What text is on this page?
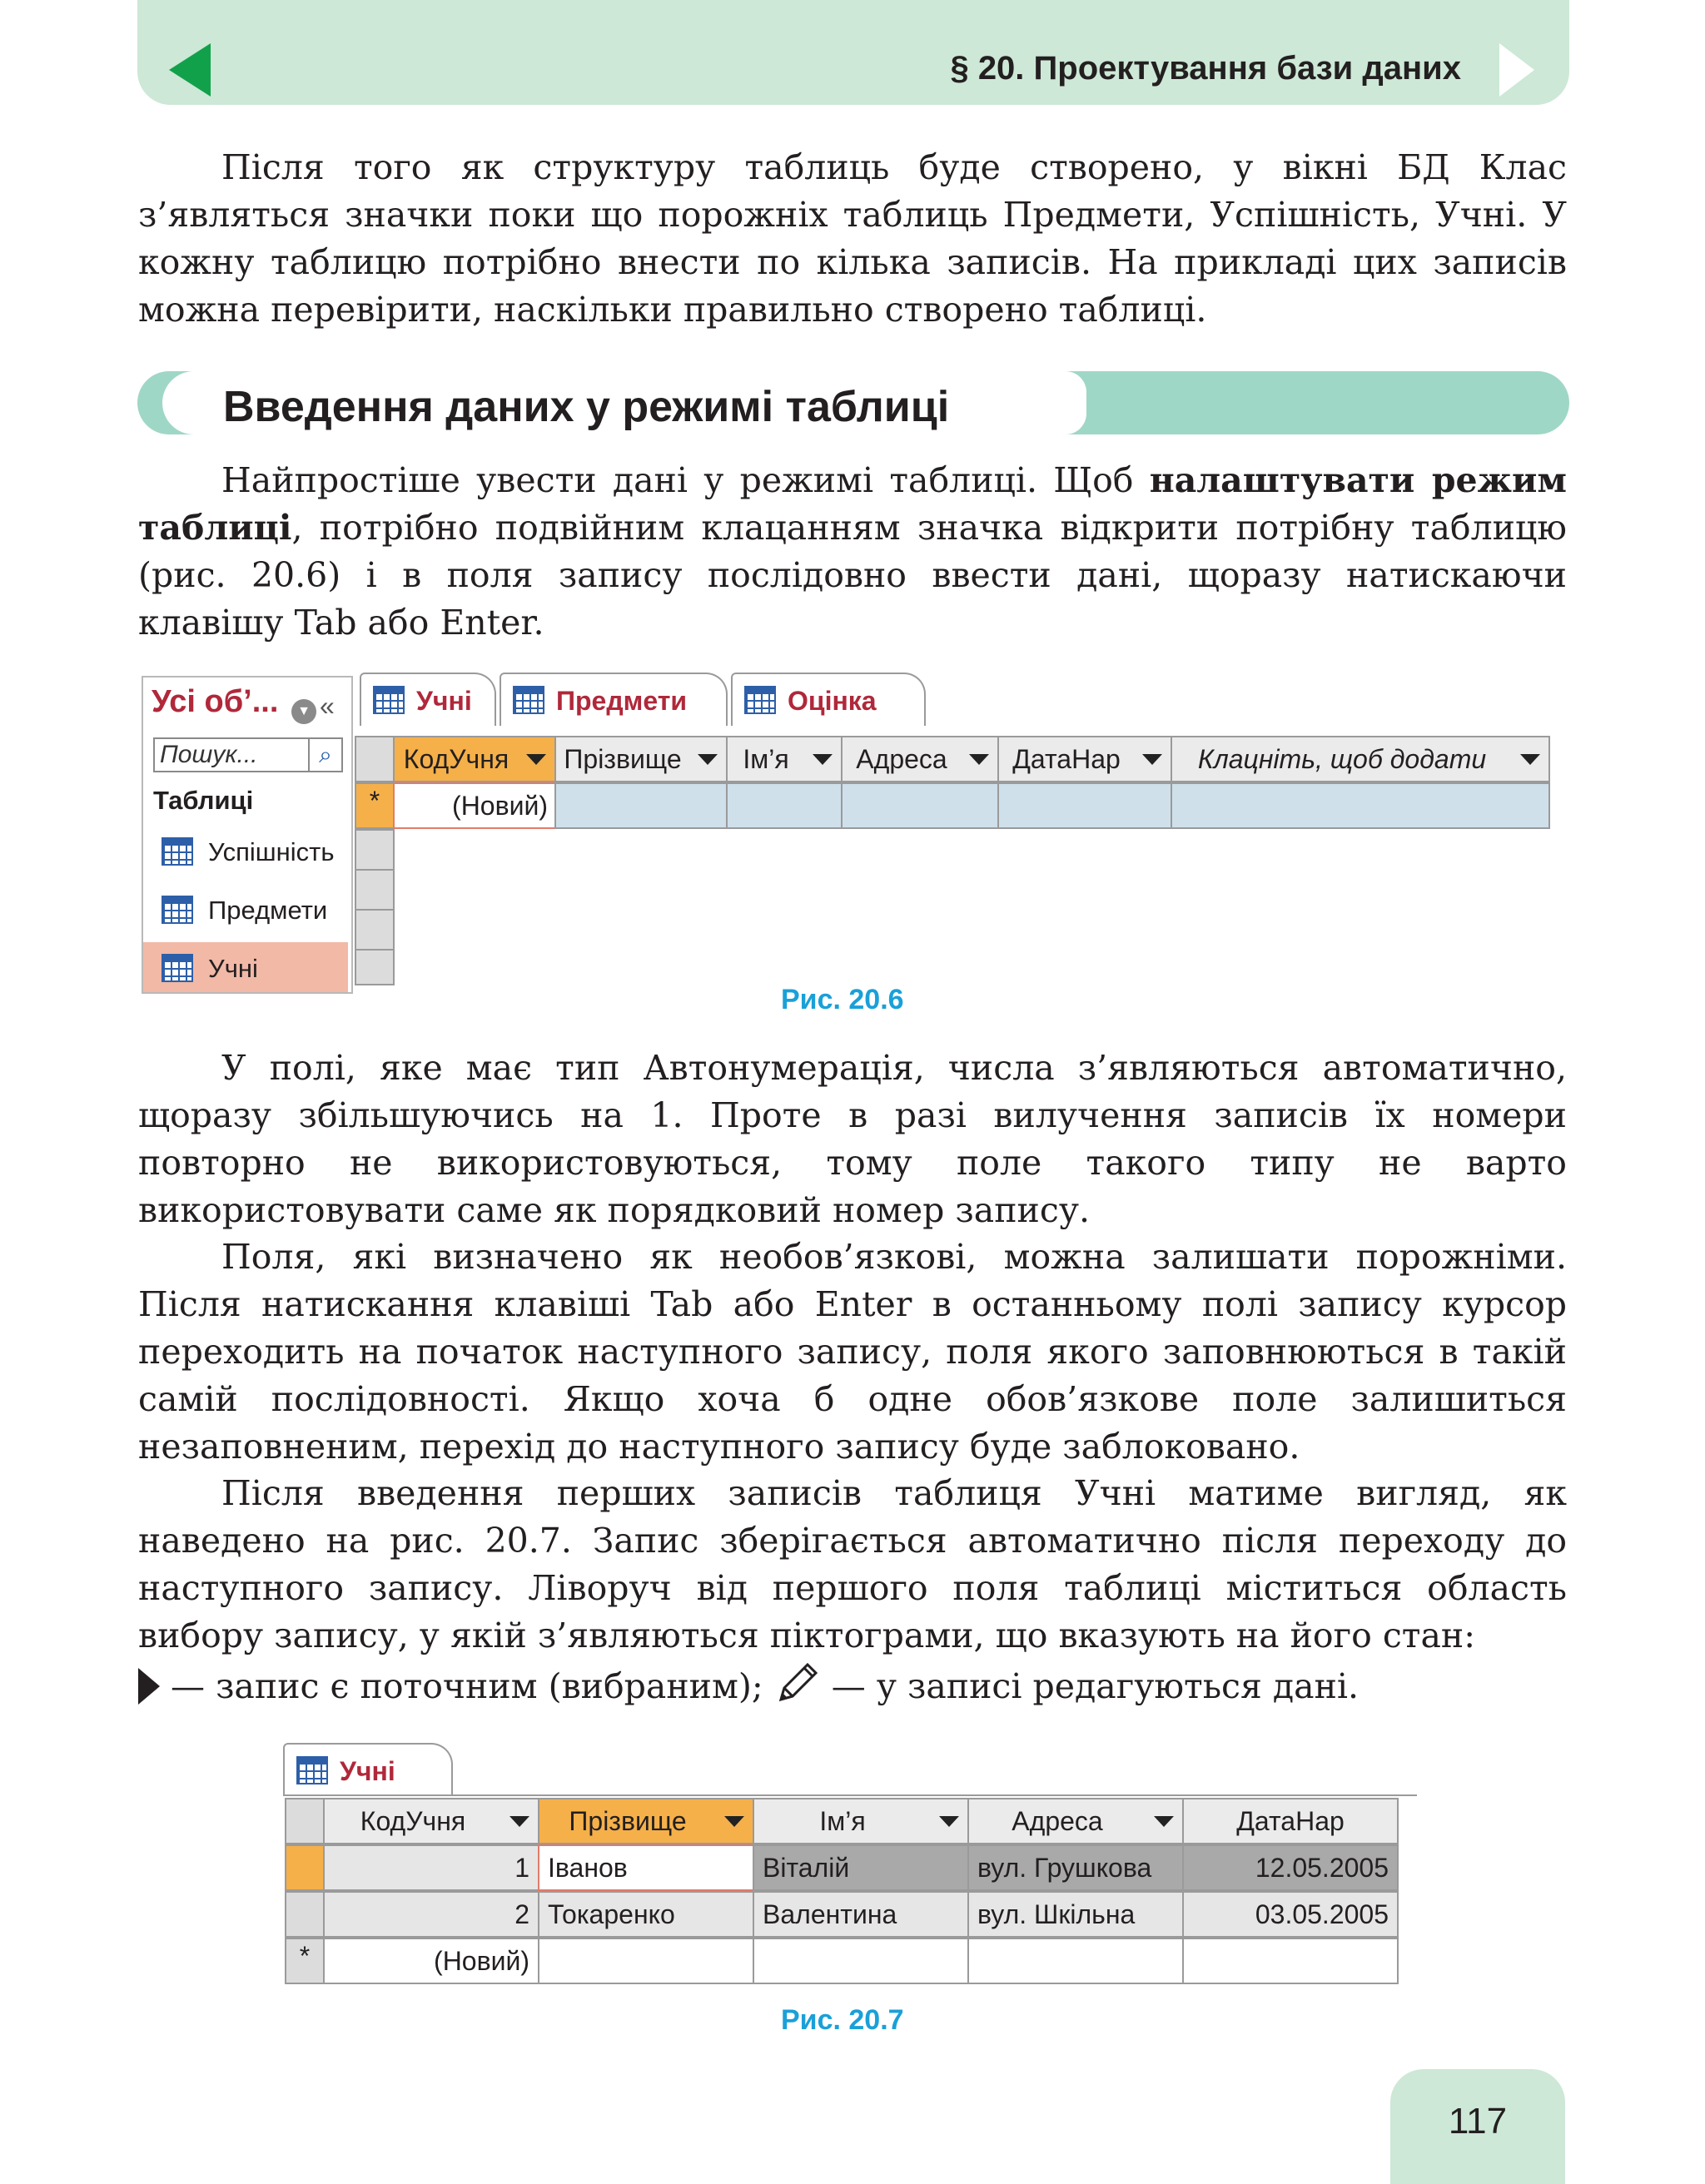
§ 20. Проектування бази даних

Після того як структуру таблиць буде створено, у вікні БД Клас з’являться значки поки що порожніх таблиць Предмети, Успішність, Учні. У кожну таблицю потрібно внести по кілька записів. На прикладі цих записів можна перевірити, наскільки правильно створено таблиці.

Введення даних у режимі таблиці

Найпростіше увести дані у режимі таблиці. Щоб налаштувати режим таблиці, потрібно подвійним клацанням значка відкрити потрібну таблицю (рис. 20.6) і в поля запису послідовно ввести дані, щоразу натискаючи клавішу Tab або Enter.

Усі об’...	▼ «
Пошук...	⌕
Таблиці
Успішність
Предмети
Учні
Учні	Предмети	Оцінка
КодУчня	Прізвище	Ім’я	Адреса	ДатаНар	Клацніть, щоб додати
*	(Новий)
Рис. 20.6

У полі, яке має тип Автонумерація, числа з’являються автоматично, щоразу збільшуючись на 1. Проте в разі вилучення записів їх номери повторно не використовуються, тому поле такого типу не варто використовувати саме як порядковий номер запису.

Поля, які визначено як необов’язкові, можна залишати порожніми. Після натискання клавіші Tab або Enter в останньому полі запису курсор переходить на початок наступного запису, поля якого заповнюються в такій самій послідовності. Якщо хоча б одне обов’язкове поле залишиться незаповненим, перехід до наступного запису буде заблоковано.

Після введення перших записів таблиця Учні матиме вигляд, як наведено на рис. 20.7. Запис зберігається автоматично після переходу до наступного запису. Ліворуч від першого поля таблиці міститься область вибору запису, у якій з’являються піктограми, що вказують на його стан:
— запис є поточним (вибраним);  — у записі редагуються дані.

Учні
КодУчня	Прізвище	Ім’я	Адреса	ДатаНар
1 Іванов	Віталій	вул. Грушкова	12.05.2005
2 Токаренко	Валентина	вул. Шкільна	03.05.2005
*	(Новий)
Рис. 20.7
117
